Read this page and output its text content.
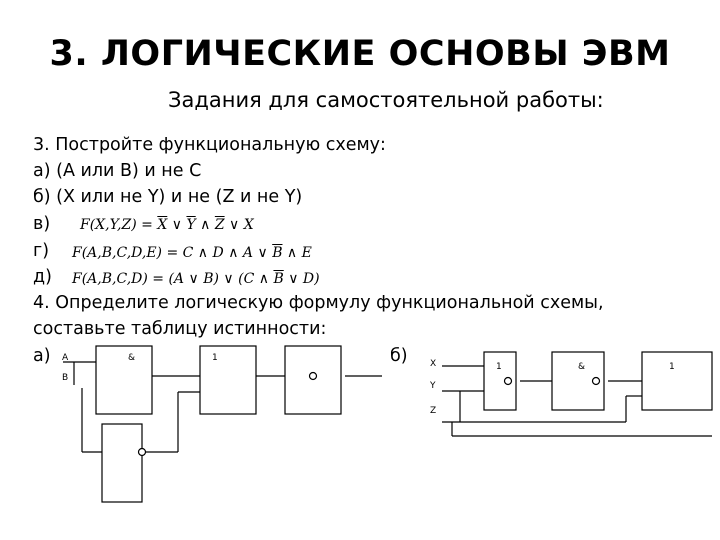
3. ЛОГИЧЕСКИЕ ОСНОВЫ ЭВМ
Задания для самостоятельной работы:
3. Постройте функциональную схему:
а) (A или B) и не C
б) (X или не Y) и не (Z и не Y)
в) $F(X,Y,Z) = \overline{X}$ ∨ $\overline{Y}$ ∧ $\overline{Z}$ ∨ X
г) F(A,B,C,D,E) = C ∧ D ∧ A ∨ $\overline{B}$ ∧ E
д) F(A,B,C,D) = (A ∨ B) ∨ (C ∧ $\overline{B}$ ∨ D)
4. Определите логическую формулу функциональной схемы,
составьте таблицу истинности:
а)	б)
A
B
&	1
X
Y
Z
1	&	1
